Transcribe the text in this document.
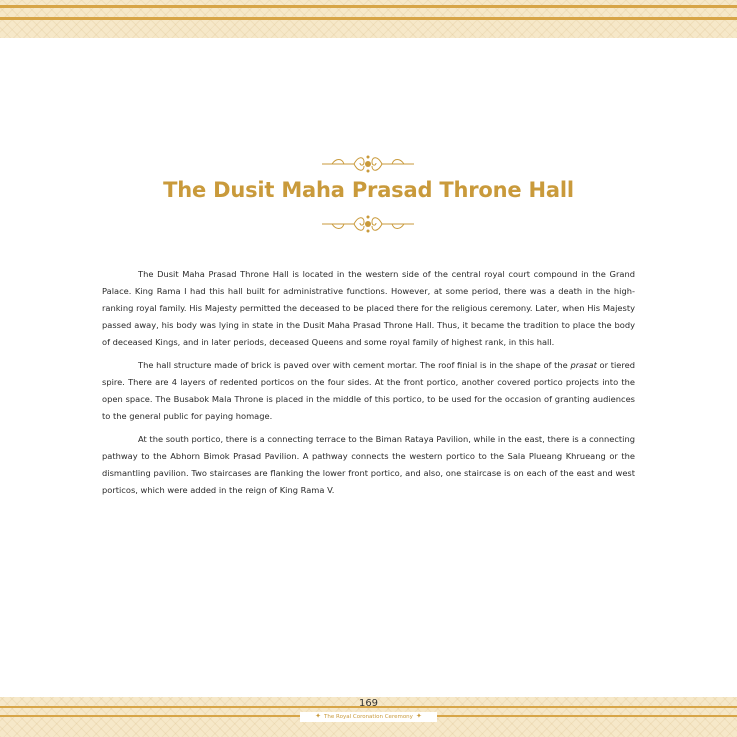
The Dusit Maha Prasad Throne Hall

The Dusit Maha Prasad Throne Hall is located in the western side of the central royal court compound in the Grand Palace. King Rama I had this hall built for administrative functions. However, at some period, there was a death in the high-ranking royal family. His Majesty permitted the deceased to be placed there for the religious ceremony. Later, when His Majesty passed away, his body was lying in state in the Dusit Maha Prasad Throne Hall. Thus, it became the tradition to place the body of deceased Kings, and in later periods, deceased Queens and some royal family of highest rank, in this hall.

The hall structure made of brick is paved over with cement mortar. The roof finial is in the shape of the prasat or tiered spire. There are 4 layers of redented porticos on the four sides. At the front portico, another covered portico projects into the open space. The Busabok Mala Throne is placed in the middle of this portico, to be used for the occasion of granting audiences to the general public for paying homage.

At the south portico, there is a connecting terrace to the Biman Rataya Pavilion, while in the east, there is a connecting pathway to the Abhorn Bimok Prasad Pavilion. A pathway connects the western portico to the Sala Plueang Khrueang or the dismantling pavilion. Two staircases are flanking the lower front portico, and also, one staircase is on each of the east and west porticos, which were added in the reign of King Rama V.

169
✦ The Royal Coronation Ceremony ✦
